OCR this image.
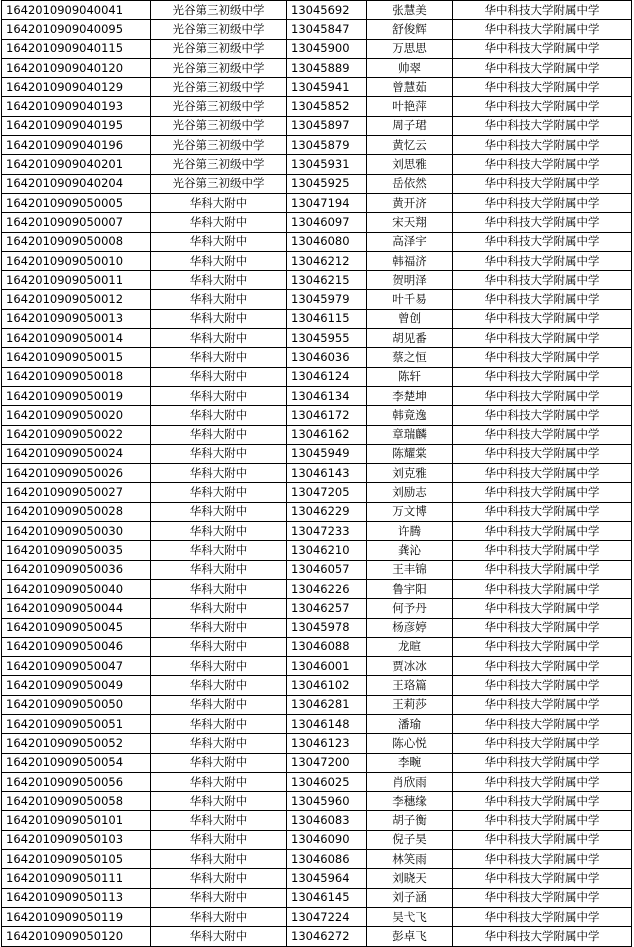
1642010909040041	光谷第三初级中学	13045692	张慧美	华中科技大学附属中学
1642010909040095	光谷第三初级中学	13045847	舒俊辉	华中科技大学附属中学
1642010909040115	光谷第三初级中学	13045900	万思思	华中科技大学附属中学
1642010909040120	光谷第三初级中学	13045889	帅翠	华中科技大学附属中学
1642010909040129	光谷第三初级中学	13045941	曾慧茹	华中科技大学附属中学
1642010909040193	光谷第三初级中学	13045852	叶艳萍	华中科技大学附属中学
1642010909040195	光谷第三初级中学	13045897	周子珺	华中科技大学附属中学
1642010909040196	光谷第三初级中学	13045879	黄忆云	华中科技大学附属中学
1642010909040201	光谷第三初级中学	13045931	刘思雅	华中科技大学附属中学
1642010909040204	光谷第三初级中学	13045925	岳依然	华中科技大学附属中学
1642010909050005	华科大附中	13047194	黄开济	华中科技大学附属中学
1642010909050007	华科大附中	13046097	宋天翔	华中科技大学附属中学
1642010909050008	华科大附中	13046080	高泽宇	华中科技大学附属中学
1642010909050010	华科大附中	13046212	韩福济	华中科技大学附属中学
1642010909050011	华科大附中	13046215	贺明泽	华中科技大学附属中学
1642010909050012	华科大附中	13045979	叶千易	华中科技大学附属中学
1642010909050013	华科大附中	13046115	曾创	华中科技大学附属中学
1642010909050014	华科大附中	13045955	胡见番	华中科技大学附属中学
1642010909050015	华科大附中	13046036	蔡之恒	华中科技大学附属中学
1642010909050018	华科大附中	13046124	陈轩	华中科技大学附属中学
1642010909050019	华科大附中	13046134	李楚坤	华中科技大学附属中学
1642010909050020	华科大附中	13046172	韩竟逸	华中科技大学附属中学
1642010909050022	华科大附中	13046162	章瑞麟	华中科技大学附属中学
1642010909050024	华科大附中	13045949	陈耀棠	华中科技大学附属中学
1642010909050026	华科大附中	13046143	刘克雅	华中科技大学附属中学
1642010909050027	华科大附中	13047205	刘励志	华中科技大学附属中学
1642010909050028	华科大附中	13046229	万文博	华中科技大学附属中学
1642010909050030	华科大附中	13047233	许腾	华中科技大学附属中学
1642010909050035	华科大附中	13046210	龚沁	华中科技大学附属中学
1642010909050036	华科大附中	13046057	王丰锦	华中科技大学附属中学
1642010909050040	华科大附中	13046226	鲁宇阳	华中科技大学附属中学
1642010909050044	华科大附中	13046257	何予丹	华中科技大学附属中学
1642010909050045	华科大附中	13045978	杨彦婷	华中科技大学附属中学
1642010909050046	华科大附中	13046088	龙暄	华中科技大学附属中学
1642010909050047	华科大附中	13046001	贾冰冰	华中科技大学附属中学
1642010909050049	华科大附中	13046102	王珞篇	华中科技大学附属中学
1642010909050050	华科大附中	13046281	王莉莎	华中科技大学附属中学
1642010909050051	华科大附中	13046148	潘瑜	华中科技大学附属中学
1642010909050052	华科大附中	13046123	陈心悦	华中科技大学附属中学
1642010909050054	华科大附中	13047200	李畹	华中科技大学附属中学
1642010909050056	华科大附中	13046025	肖欣雨	华中科技大学附属中学
1642010909050058	华科大附中	13045960	李穗缘	华中科技大学附属中学
1642010909050101	华科大附中	13046083	胡子衡	华中科技大学附属中学
1642010909050103	华科大附中	13046090	倪子昊	华中科技大学附属中学
1642010909050105	华科大附中	13046086	林笑雨	华中科技大学附属中学
1642010909050111	华科大附中	13045964	刘晓天	华中科技大学附属中学
1642010909050113	华科大附中	13046145	刘子涵	华中科技大学附属中学
1642010909050119	华科大附中	13047224	吴弋飞	华中科技大学附属中学
1642010909050120	华科大附中	13046272	彭卓飞	华中科技大学附属中学
